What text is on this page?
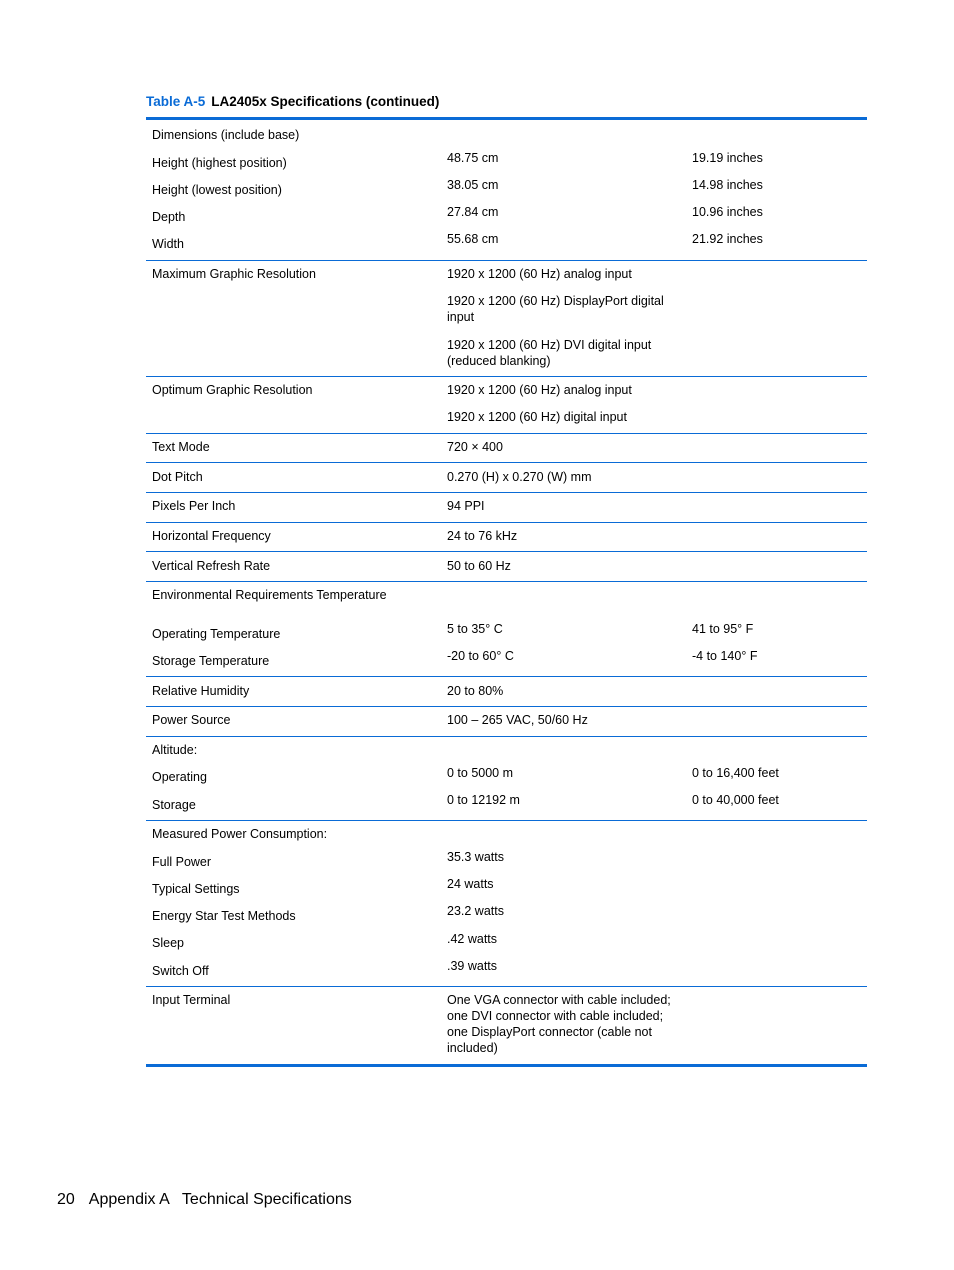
Table A-5 LA2405x Specifications (continued)
Dimensions (include base)
Height (highest position)	48.75 cm	19.19 inches
Height (lowest position)	38.05 cm	14.98 inches
Depth	27.84 cm	10.96 inches
Width	55.68 cm	21.92 inches
Maximum Graphic Resolution	1920 x 1200 (60 Hz) analog input
1920 x 1200 (60 Hz) DisplayPort digital
input
1920 x 1200 (60 Hz) DVI digital input
(reduced blanking)
Optimum Graphic Resolution	1920 x 1200 (60 Hz) analog input
1920 x 1200 (60 Hz) digital input
Text Mode	720 × 400
Dot Pitch	0.270 (H) x 0.270 (W) mm
Pixels Per Inch	94 PPI
Horizontal Frequency	24 to 76 kHz
Vertical Refresh Rate	50 to 60 Hz
Environmental Requirements Temperature
Operating Temperature	5 to 35° C	41 to 95° F
Storage Temperature	-20 to 60° C	-4 to 140° F
Relative Humidity	20 to 80%
Power Source	100 – 265 VAC, 50/60 Hz
Altitude:
Operating	0 to 5000 m	0 to 16,400 feet
Storage	0 to 12192 m	0 to 40,000 feet
Measured Power Consumption:
Full Power	35.3 watts
Typical Settings	24 watts
Energy Star Test Methods	23.2 watts
Sleep	.42 watts
Switch Off	.39 watts
Input Terminal	One VGA connector with cable included;
one DVI connector with cable included;
one DisplayPort connector (cable not
included)
20 Appendix A   Technical Specifications
